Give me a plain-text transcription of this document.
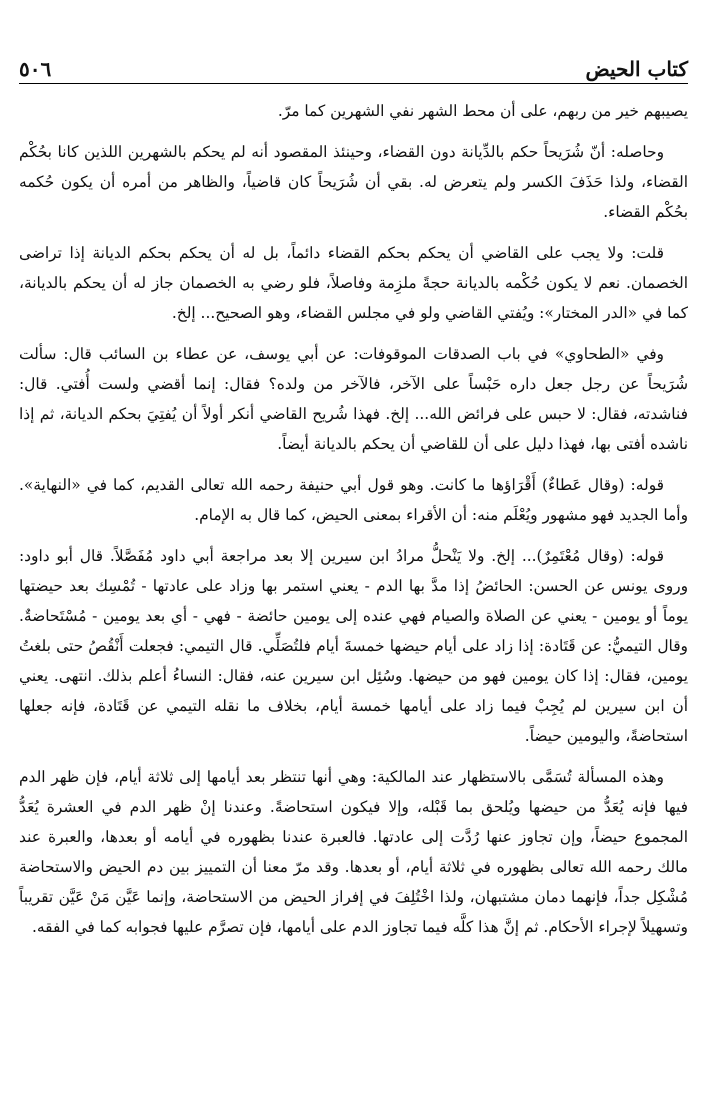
كتاب الحيض
٥٠٦

يصيبهم خير من ربهم، على أن محط الشهر نفي الشهرين كما مرّ.

وحاصله: أنّ شُرَيحاً حكم بالدِّيانة دون القضاء، وحينئذ المقصود أنه لم يحكم بالشهرين اللذين كانا بحُكْم القضاء، ولذا حَذَفَ الكسر ولم يتعرض له. بقي أن شُرَيحاً كان قاضياً، والظاهر من أمره أن يكون حُكمه بحُكْم القضاء.

قلت: ولا يجب على القاضي أن يحكم بحكم القضاء دائماً، بل له أن يحكم بحكم الديانة إذا تراضى الخصمان. نعم لا يكون حُكْمه بالديانة حجةً ملزِمة وفاصلاً، فلو رضي به الخصمان جاز له أن يحكم بالديانة، كما في «الدر المختار»: ويُفتي القاضي ولو في مجلس القضاء، وهو الصحيح... إلخ.

وفي «الطحاوي» في باب الصدقات الموقوفات: عن أبي يوسف، عن عطاء بن السائب قال: سألت شُرَيحاً عن رجل جعل داره حَبْساً على الآخر، فالآخر من ولده؟ فقال: إنما أقضي ولست أُفتي. قال: فناشدته، فقال: لا حبس على فرائض الله... إلخ. فهذا شُريح القاضي أنكر أولاً أن يُفتِيَ بحكم الديانة، ثم إذا ناشده أفتى بها، فهذا دليل على أن للقاضي أن يحكم بالديانة أيضاً.

قوله: (وقال عَطاءٌ) أَقْرَاؤها ما كانت. وهو قول أبي حنيفة رحمه الله تعالى القديم، كما في «النهاية». وأما الجديد فهو مشهور ويُعْلَم منه: أن الأقراء بمعنى الحيض، كما قال به الإمام.

قوله: (وقال مُعْتَمِرٌ)... إلخ. ولا يَنْحلُّ مرادُ ابن سيرين إلا بعد مراجعة أبي داود مُفَصَّلاً. قال أبو داود: وروى يونس عن الحسن: الحائضُ إذا مدَّ بها الدم - يعني استمر بها وزاد على عادتها - تُمْسِك بعد حيضتها يوماً أو يومين - يعني عن الصلاة والصيام فهي عنده إلى يومين حائضة - فهي - أي بعد يومين - مُسْتَحاضةٌ. وقال التيميُّ: عن قَتَادة: إذا زاد على أيام حيضها خمسةَ أيام فلتُصَلِّي. قال التيمي: فجعلت أَنْقُصُ حتى بلغتُ يومين، فقال: إذا كان يومين فهو من حيضها. وسُئِل ابن سيرين عنه، فقال: النساءُ أعلم بذلك. انتهى. يعني أن ابن سيرين لم يُجِبْ فيما زاد على أيامها خمسة أيام، بخلاف ما نقله التيمي عن قَتَادة، فإنه جعلها استحاضةً، واليومين حيضاً.

وهذه المسألة تُسَمَّى بالاستظهار عند المالكية: وهي أنها تنتظر بعد أيامها إلى ثلاثة أيام، فإن ظهر الدم فيها فإنه يُعَدُّ من حيضها ويُلحق بما قَبْله، وإلا فيكون استحاضةً. وعندنا إنْ ظهر الدم في العشرة يُعَدُّ المجموع حيضاً، وإن تجاوز عنها رُدَّت إلى عادتها. فالعبرة عندنا بظهوره في أيامه أو بعدها، والعبرة عند مالك رحمه الله تعالى بظهوره في ثلاثة أيام، أو بعدها. وقد مرّ معنا أن التمييز بين دم الحيض والاستحاضة مُشْكِل جداً، فإنهما دمان مشتبهان، ولذا اخْتُلِفَ في إفراز الحيض من الاستحاضة، وإنما عَيَّن مَنْ عَيَّن تقريباً وتسهيلاً لإجراء الأحكام. ثم إنَّ هذا كلَّه فيما تجاوز الدم على أيامها، فإن تصرَّم عليها فجوابه كما في الفقه.
